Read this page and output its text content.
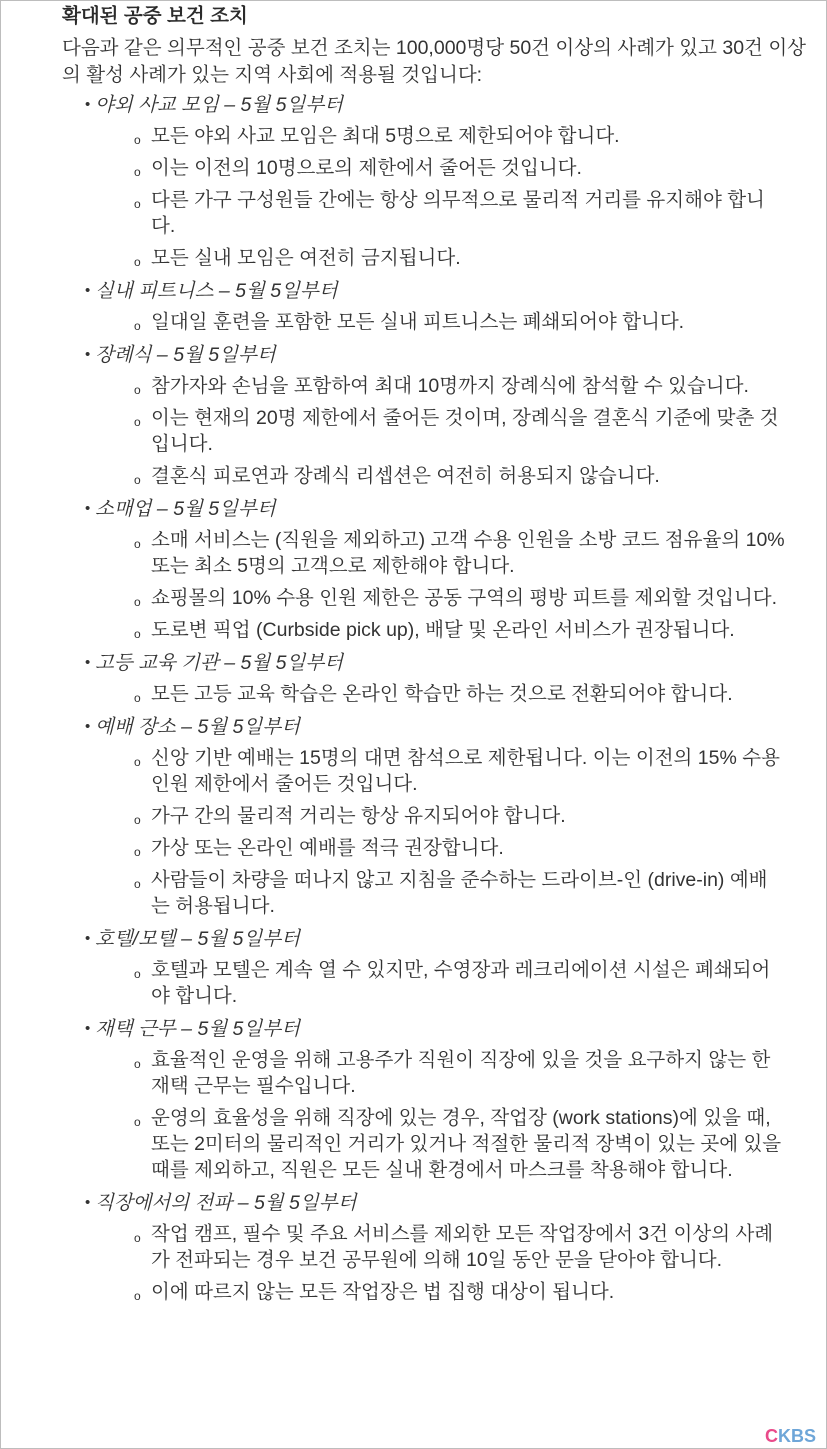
확대된 공중 보건 조치
다음과 같은 의무적인 공중 보건 조치는 100,000명당 50건 이상의 사례가 있고 30건 이상의 활성 사례가 있는 지역 사회에 적용될 것입니다:
• 야외 사교 모임 – 5월 5일부터
o 모든 야외 사교 모임은 최대 5명으로 제한되어야 합니다.
o 이는 이전의 10명으로의 제한에서 줄어든 것입니다.
o 다른 가구 구성원들 간에는 항상 의무적으로 물리적 거리를 유지해야 합니다.
o 모든 실내 모임은 여전히 금지됩니다.
• 실내 피트니스 – 5월 5일부터
o 일대일 훈련을 포함한 모든 실내 피트니스는 폐쇄되어야 합니다.
• 장례식 – 5월 5일부터
o 참가자와 손님을 포함하여 최대 10명까지 장례식에 참석할 수 있습니다.
o 이는 현재의 20명 제한에서 줄어든 것이며, 장례식을 결혼식 기준에 맞춘 것입니다.
o 결혼식 피로연과 장례식 리셉션은 여전히 허용되지 않습니다.
• 소매업 – 5월 5일부터
o 소매 서비스는 (직원을 제외하고) 고객 수용 인원을 소방 코드 점유율의 10% 또는 최소 5명의 고객으로 제한해야 합니다.
o 쇼핑몰의 10% 수용 인원 제한은 공동 구역의 평방 피트를 제외할 것입니다.
o 도로변 픽업 (Curbside pick up), 배달 및 온라인 서비스가 권장됩니다.
• 고등 교육 기관 – 5월 5일부터
o 모든 고등 교육 학습은 온라인 학습만 하는 것으로 전환되어야 합니다.
• 예배 장소 – 5월 5일부터
o 신앙 기반 예배는 15명의 대면 참석으로 제한됩니다. 이는 이전의 15% 수용 인원 제한에서 줄어든 것입니다.
o 가구 간의 물리적 거리는 항상 유지되어야 합니다.
o 가상 또는 온라인 예배를 적극 권장합니다.
o 사람들이 차량을 떠나지 않고 지침을 준수하는 드라이브-인 (drive-in) 예배는 허용됩니다.
• 호텔/모텔 – 5월 5일부터
o 호텔과 모텔은 계속 열 수 있지만, 수영장과 레크리에이션 시설은 폐쇄되어야 합니다.
• 재택 근무 – 5월 5일부터
o 효율적인 운영을 위해 고용주가 직원이 직장에 있을 것을 요구하지 않는 한 재택 근무는 필수입니다.
o 운영의 효율성을 위해 직장에 있는 경우, 작업장 (work stations)에 있을 때, 또는 2미터의 물리적인 거리가 있거나 적절한 물리적 장벽이 있는 곳에 있을 때를 제외하고, 직원은 모든 실내 환경에서 마스크를 착용해야 합니다.
• 직장에서의 전파 – 5월 5일부터
o 작업 캠프, 필수 및 주요 서비스를 제외한 모든 작업장에서 3건 이상의 사례가 전파되는 경우 보건 공무원에 의해 10일 동안 문을 닫아야 합니다.
o 이에 따르지 않는 모든 작업장은 법 집행 대상이 됩니다.
CKBS
